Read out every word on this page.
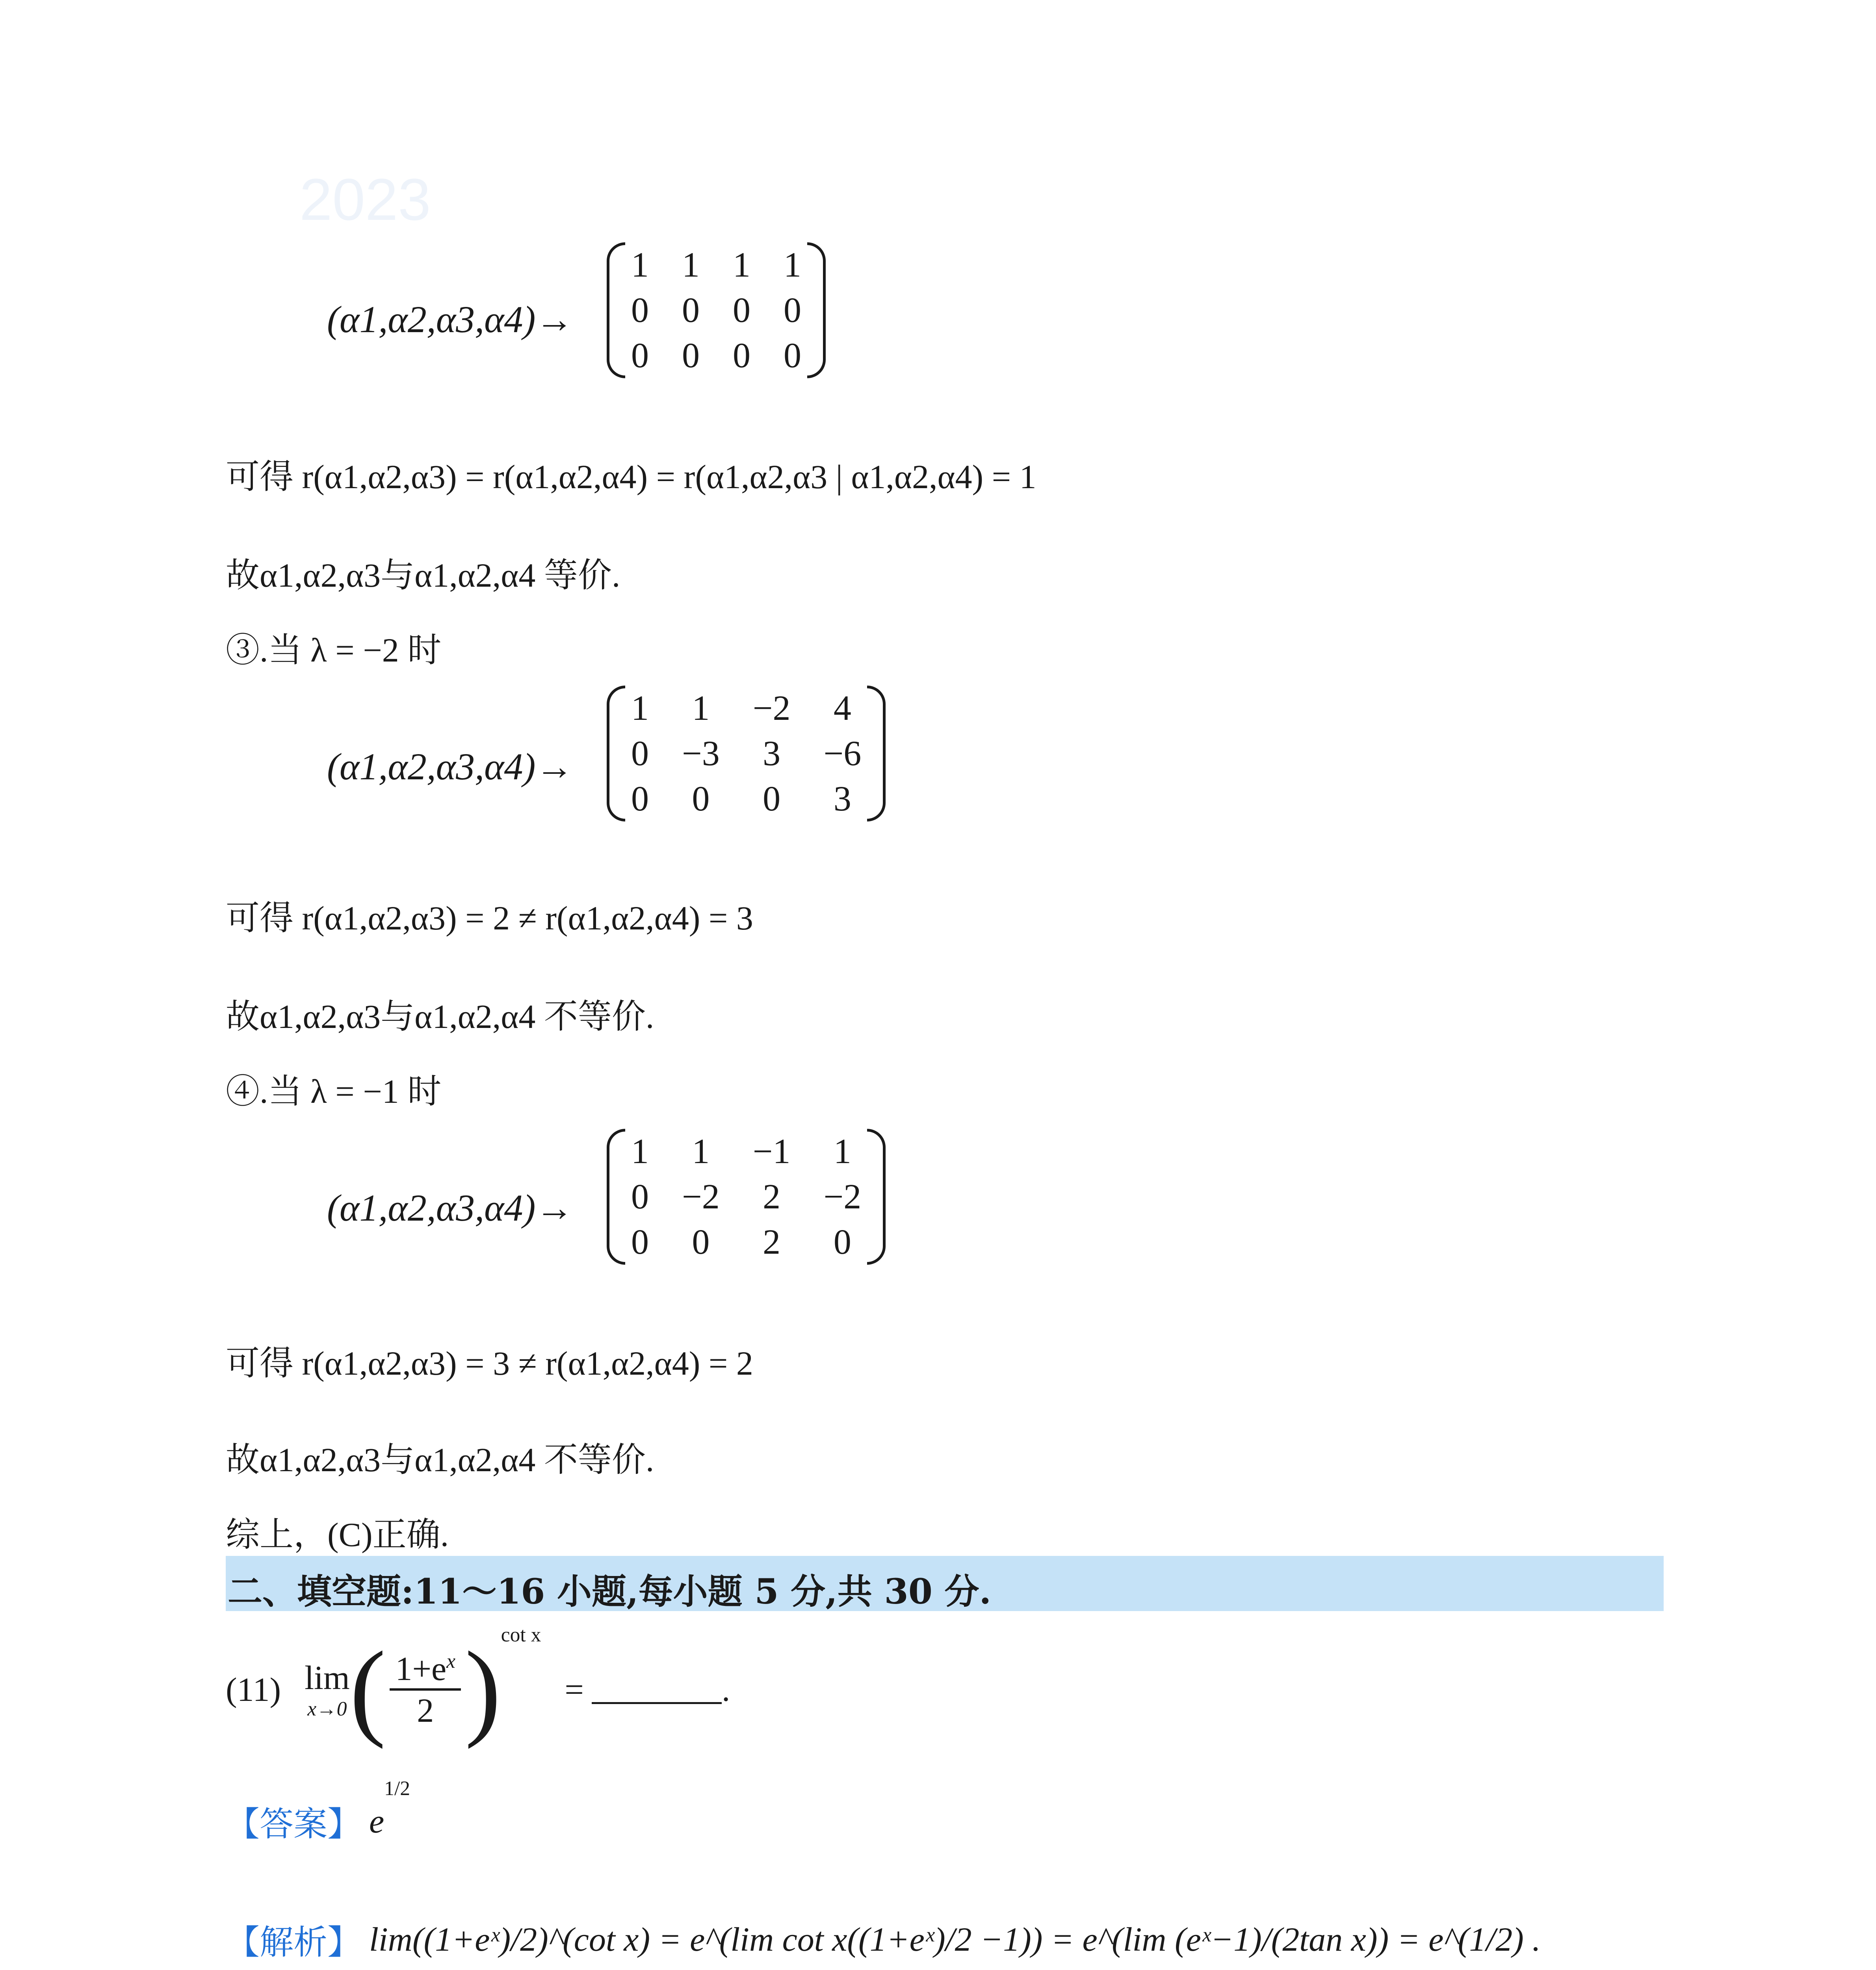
2023
(α1,α2,α3,α4)→
1	1	1	1
0	0	0	0
0	0	0	0
可得 r(α1,α2,α3) = r(α1,α2,α4) = r(α1,α2,α3 | α1,α2,α4) = 1
故α1,α2,α3与α1,α2,α4 等价.
③.当 λ = −2 时
(α1,α2,α3,α4)→
1	1	−2	4
0	−3	3	−6
0	0	0	3
可得 r(α1,α2,α3) = 2 ≠ r(α1,α2,α4) = 3
故α1,α2,α3与α1,α2,α4 不等价.
④.当 λ = −1 时
(α1,α2,α3,α4)→
1	1	−1	1
0	−2	2	−2
0	0	2	0
可得 r(α1,α2,α3) = 3 ≠ r(α1,α2,α4) = 2
故α1,α2,α3与α1,α2,α4 不等价.
综上，(C)正确.
二、填空题:11～16 小题,每小题 5 分,共 30 分.
(11) lim
x→0 ( $\frac{1+e^x}{2}$ ) cot x
=	.
【答案】 e
1/2
【解析】 lim((1+eˣ)/2)^(cot x) = e^(lim cot x((1+eˣ)/2 −1)) = e^(lim (eˣ−1)/(2tan x)) = e^(1/2) .
